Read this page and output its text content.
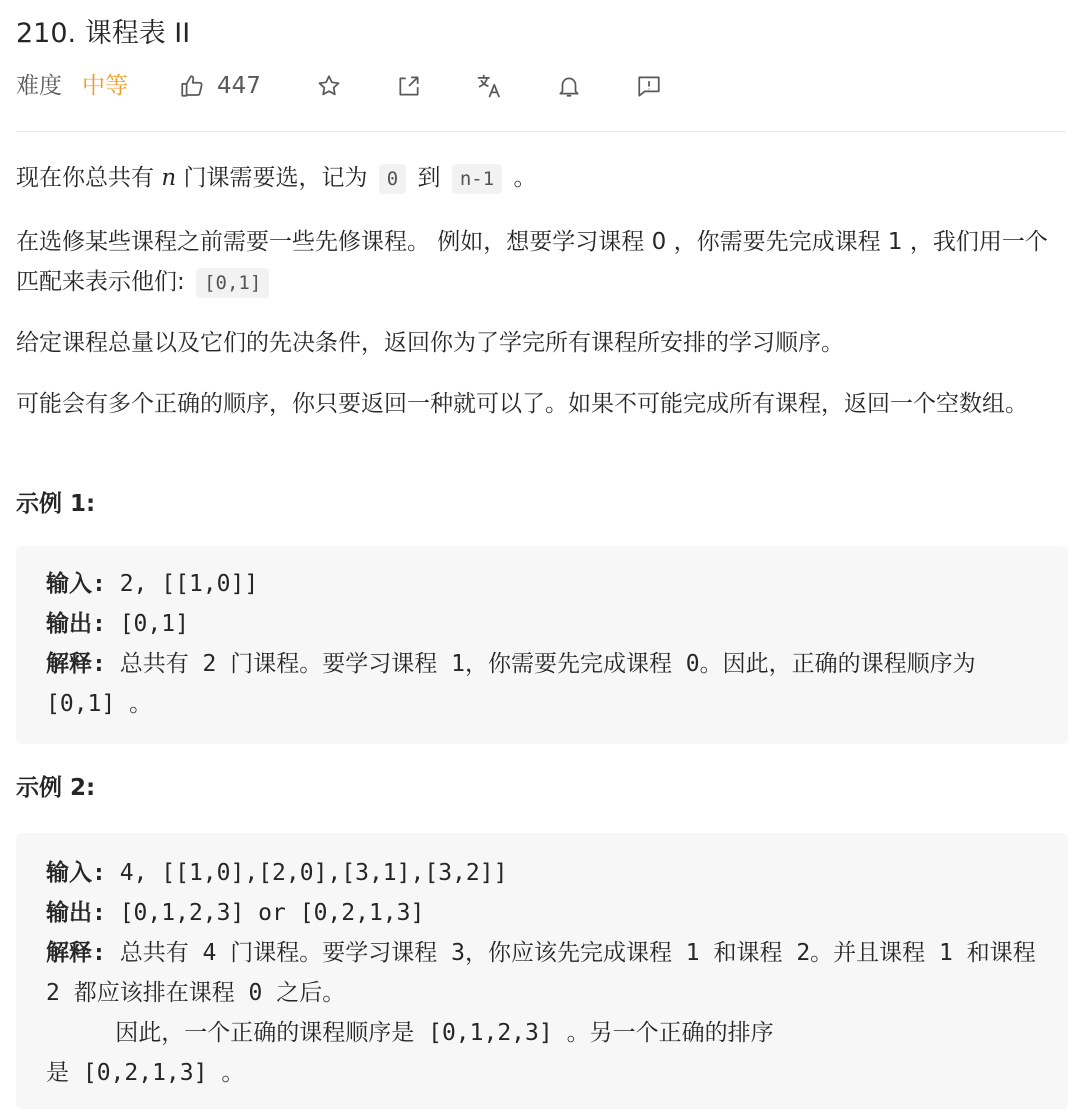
210. 课程表 II
难度 中等	447

现在你总共有 n 门课需要选，记为 0 到 n-1 。

在选修某些课程之前需要一些先修课程。 例如，想要学习课程 0 ，你需要先完成课程 1 ，我们用一个匹配来表示他们: [0,1]

给定课程总量以及它们的先决条件，返回你为了学完所有课程所安排的学习顺序。

可能会有多个正确的顺序，你只要返回一种就可以了。如果不可能完成所有课程，返回一个空数组。

示例 1:
输入: 2, [[1,0]]
输出: [0,1]
解释: 总共有 2 门课程。要学习课程 1，你需要先完成课程 0。因此，正确的课程顺序为 [0,1] 。
示例 2:
输入: 4, [[1,0],[2,0],[3,1],[3,2]]
输出: [0,1,2,3] or [0,2,1,3]
解释: 总共有 4 门课程。要学习课程 3，你应该先完成课程 1 和课程 2。并且课程 1 和课程 2 都应该排在课程 0 之后。
因此，一个正确的课程顺序是 [0,1,2,3] 。另一个正确的排序
是 [0,2,1,3] 。
